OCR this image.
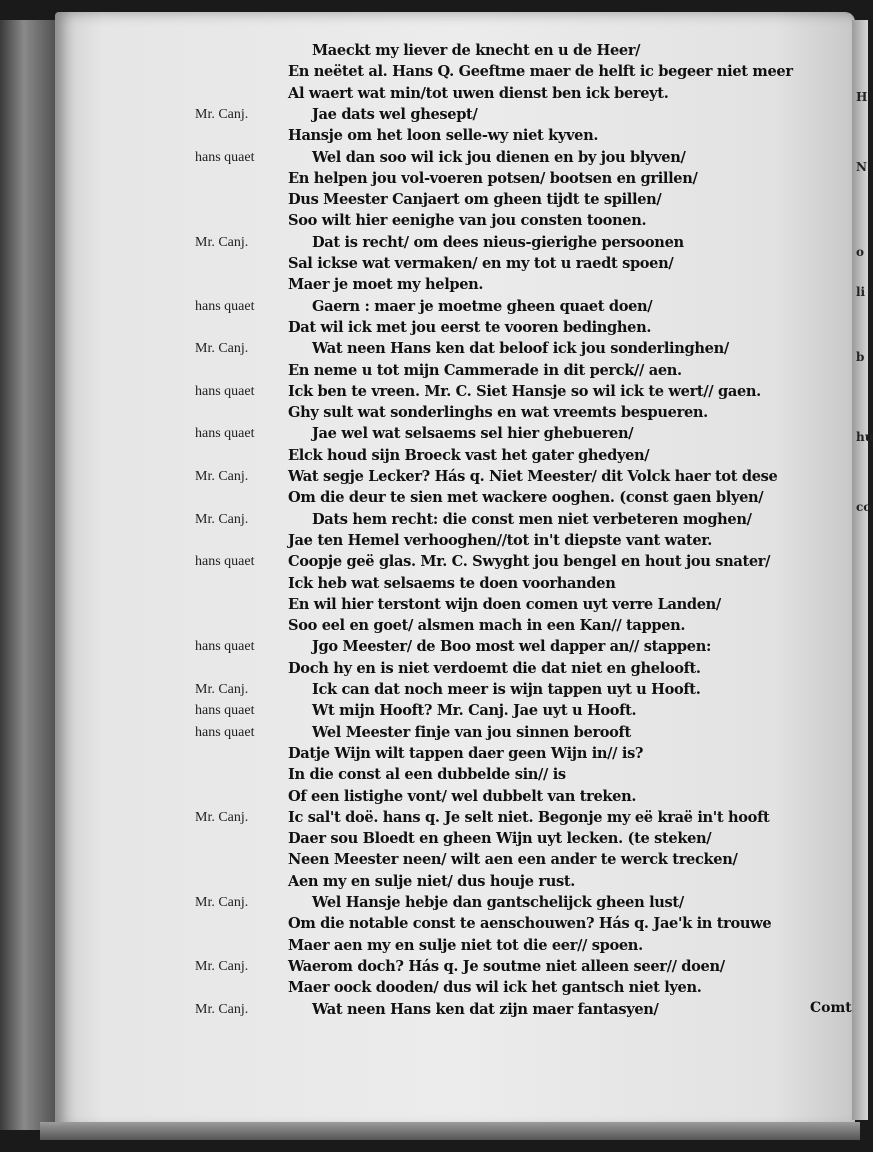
H
N
o
li
b
hu
co
Maeckt my liever de knecht en u de Heer/
En neëtet al. Hans Q. Geeftme maer de helft ic begeer niet meer
Al waert wat min/tot uwen dienst ben ick bereyt.
Mr. Canj.	Jae dats wel ghesept/
Hansje om het loon selle-wy niet kyven.
hans quaet	Wel dan soo wil ick jou dienen en by jou blyven/
En helpen jou vol-voeren potsen/ bootsen en grillen/
Dus Meester Canjaert om gheen tijdt te spillen/
Soo wilt hier eenighe van jou consten toonen.
Mr. Canj.	Dat is recht/ om dees nieus-gierighe persoonen
Sal ickse wat vermaken/ en my tot u raedt spoen/
Maer je moet my helpen.
hans quaet	Gaern : maer je moetme gheen quaet doen/
Dat wil ick met jou eerst te vooren bedinghen.
Mr. Canj.	Wat neen Hans ken dat beloof ick jou sonderlinghen/
En neme u tot mijn Cammerade in dit perck// aen.
hans quaet	Ick ben te vreen. Mr. C. Siet Hansje so wil ick te wert// gaen.
Ghy sult wat sonderlinghs en wat vreemts bespueren.
hans quaet	Jae wel wat selsaems sel hier ghebueren/
Elck houd sijn Broeck vast het gater ghedyen/
Mr. Canj.	Wat segje Lecker? Hás q. Niet Meester/ dit Volck haer tot dese
Om die deur te sien met wackere ooghen. (const gaen blyen/
Mr. Canj.	Dats hem recht: die const men niet verbeteren moghen/
Jae ten Hemel verhooghen//tot in't diepste vant water.
hans quaet	Coopje geë glas. Mr. C. Swyght jou bengel en hout jou snater/
Ick heb wat selsaems te doen voorhanden
En wil hier terstont wijn doen comen uyt verre Landen/
Soo eel en goet/ alsmen mach in een Kan// tappen.
hans quaet	Jgo Meester/ de Boo most wel dapper an// stappen:
Doch hy en is niet verdoemt die dat niet en ghelooft.
Mr. Canj.	Ick can dat noch meer is wijn tappen uyt u Hooft.
hans quaet	Wt mijn Hooft? Mr. Canj. Jae uyt u Hooft.
hans quaet	Wel Meester finje van jou sinnen berooft
Datje Wijn wilt tappen daer geen Wijn in// is?
In die const al een dubbelde sin// is
Of een listighe vont/ wel dubbelt van treken.
Mr. Canj.	Ic sal't doë. hans q. Je selt niet. Begonje my eë kraë in't hooft
Daer sou Bloedt en gheen Wijn uyt lecken. (te steken/
Neen Meester neen/ wilt aen een ander te werck trecken/
Aen my en sulje niet/ dus houje rust.
Mr. Canj.	Wel Hansje hebje dan gantschelijck gheen lust/
Om die notable const te aenschouwen? Hás q. Jae'k in trouwe
Maer aen my en sulje niet tot die eer// spoen.
Mr. Canj.	Waerom doch? Hás q. Je soutme niet alleen seer// doen/
Maer oock dooden/ dus wil ick het gantsch niet lyen.
Mr. Canj.	Wat neen Hans ken dat zijn maer fantasyen/	Comt
